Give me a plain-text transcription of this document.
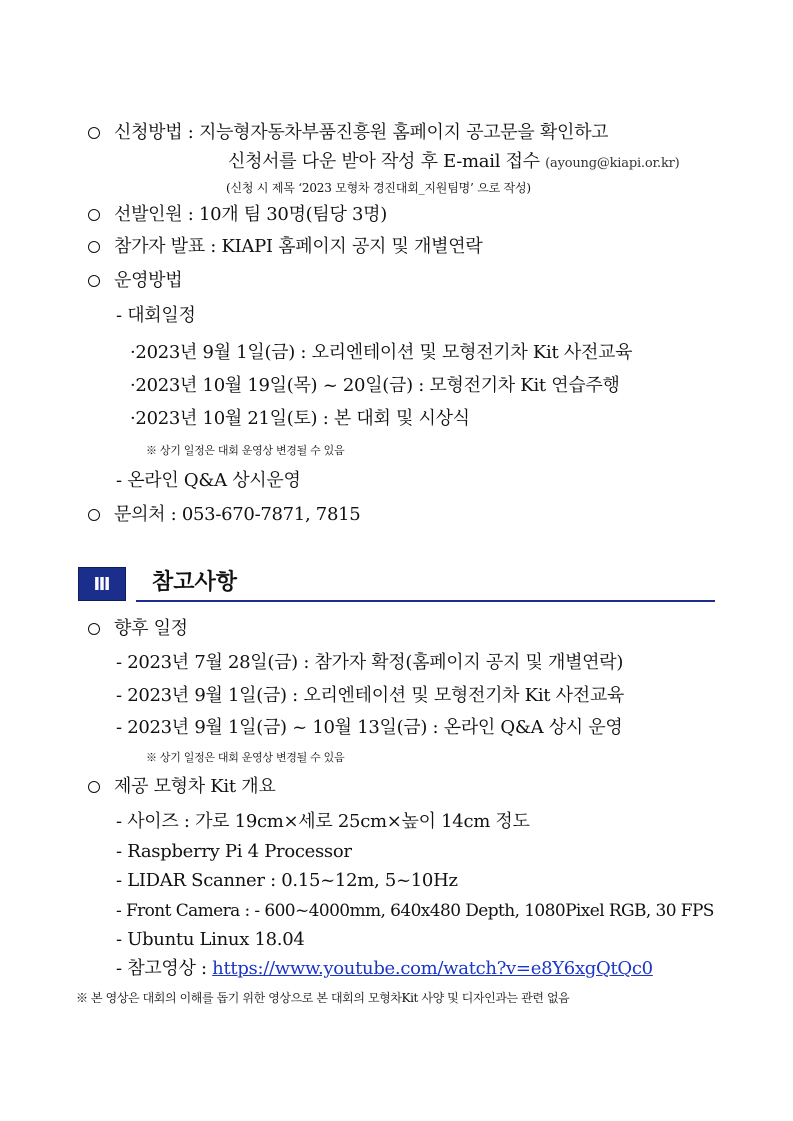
신청방법 : 지능형자동차부품진흥원 홈페이지 공고문을 확인하고
신청서를 다운 받아 작성 후 E-mail 접수 (ayoung@kiapi.or.kr)
(신청 시 제목 ‘2023 모형차 경진대회_지원팀명’ 으로 작성)
선발인원 : 10개 팀 30명(팀당 3명)
참가자 발표 : KIAPI 홈페이지 공지 및 개별연락
운영방법
- 대회일정
·2023년 9월 1일(금) : 오리엔테이션 및 모형전기차 Kit 사전교육
·2023년 10월 19일(목) ~ 20일(금) : 모형전기차 Kit 연습주행
·2023년 10월 21일(토) : 본 대회 및 시상식
※ 상기 일정은 대회 운영상 변경될 수 있음
- 온라인 Q&A 상시운영
문의처 : 053-670-7871, 7815
Ⅲ	참고사항
향후 일정
- 2023년 7월 28일(금) : 참가자 확정(홈페이지 공지 및 개별연락)
- 2023년 9월 1일(금) : 오리엔테이션 및 모형전기차 Kit 사전교육
- 2023년 9월 1일(금) ~ 10월 13일(금) : 온라인 Q&A 상시 운영
※ 상기 일정은 대회 운영상 변경될 수 있음
제공 모형차 Kit 개요
- 사이즈 : 가로 19cm×세로 25cm×높이 14cm 정도
- Raspberry Pi 4 Processor
- LIDAR Scanner : 0.15~12m, 5~10Hz
- Front Camera : - 600~4000mm, 640x480 Depth, 1080Pixel RGB, 30 FPS
- Ubuntu Linux 18.04
- 참고영상 : https://www.youtube.com/watch?v=e8Y6xgQtQc0
※ 본 영상은 대회의 이해를 돕기 위한 영상으로 본 대회의 모형차Kit 사양 및 디자인과는 관련 없음
